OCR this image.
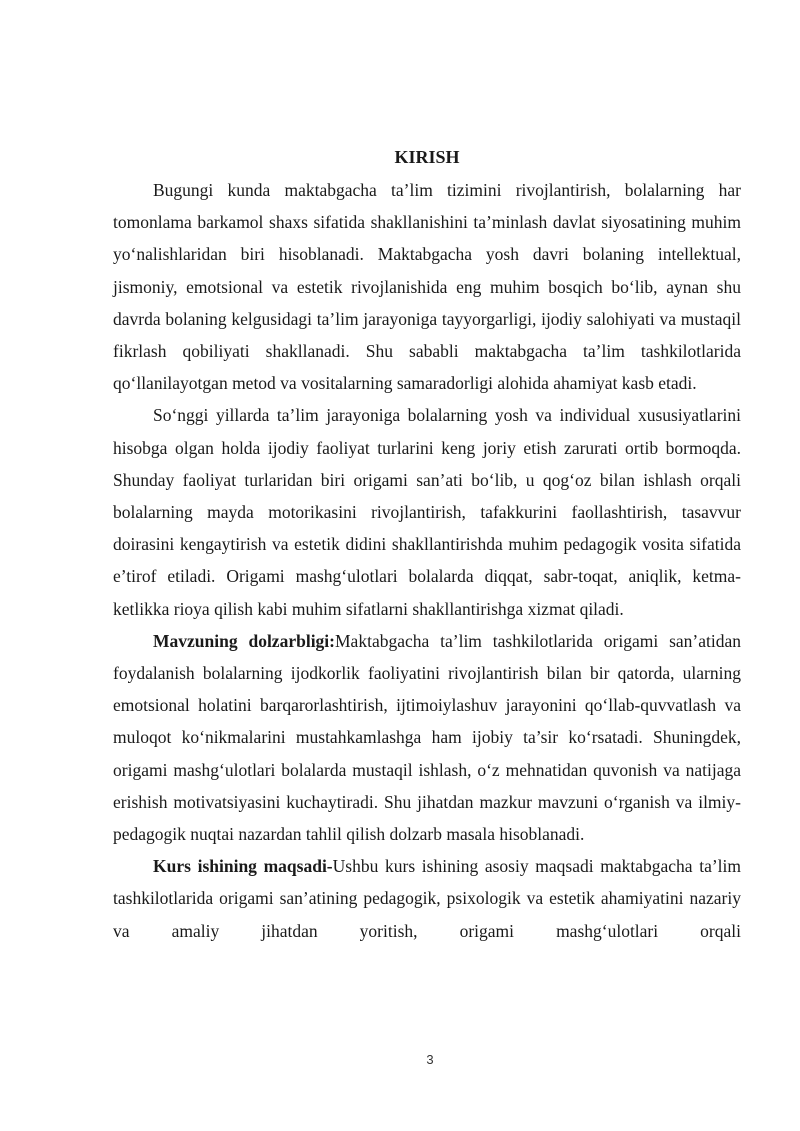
KIRISH

Bugungi kunda maktabgacha ta’lim tizimini rivojlantirish, bolalarning har tomonlama barkamol shaxs sifatida shakllanishini ta’minlash davlat siyosatining muhim yo‘nalishlaridan biri hisoblanadi. Maktabgacha yosh davri bolaning intellektual, jismoniy, emotsional va estetik rivojlanishida eng muhim bosqich bo‘lib, aynan shu davrda bolaning kelgusidagi ta’lim jarayoniga tayyorgarligi, ijodiy salohiyati va mustaqil fikrlash qobiliyati shakllanadi. Shu sababli maktabgacha ta’lim tashkilotlarida qo‘llanilayotgan metod va vositalarning samaradorligi alohida ahamiyat kasb etadi.

So‘nggi yillarda ta’lim jarayoniga bolalarning yosh va individual xususiyatlarini hisobga olgan holda ijodiy faoliyat turlarini keng joriy etish zarurati ortib bormoqda. Shunday faoliyat turlaridan biri origami san’ati bo‘lib, u qog‘oz bilan ishlash orqali bolalarning mayda motorikasini rivojlantirish, tafakkurini faollashtirish, tasavvur doirasini kengaytirish va estetik didini shakllantirishda muhim pedagogik vosita sifatida e’tirof etiladi. Origami mashg‘ulotlari bolalarda diqqat, sabr-toqat, aniqlik, ketma-ketlikka rioya qilish kabi muhim sifatlarni shakllantirishga xizmat qiladi.

Mavzuning dolzarbligi:Maktabgacha ta’lim tashkilotlarida origami san’atidan foydalanish bolalarning ijodkorlik faoliyatini rivojlantirish bilan bir qatorda, ularning emotsional holatini barqarorlashtirish, ijtimoiylashuv jarayonini qo‘llab-quvvatlash va muloqot ko‘nikmalarini mustahkamlashga ham ijobiy ta’sir ko‘rsatadi. Shuningdek, origami mashg‘ulotlari bolalarda mustaqil ishlash, o‘z mehnatidan quvonish va natijaga erishish motivatsiyasini kuchaytiradi. Shu jihatdan mazkur mavzuni o‘rganish va ilmiy-pedagogik nuqtai nazardan tahlil qilish dolzarb masala hisoblanadi.

Kurs ishining maqsadi-Ushbu kurs ishining asosiy maqsadi maktabgacha ta’lim tashkilotlarida origami san’atining pedagogik, psixologik va estetik ahamiyatini nazariy va amaliy jihatdan yoritish, origami mashg‘ulotlari orqali

3
